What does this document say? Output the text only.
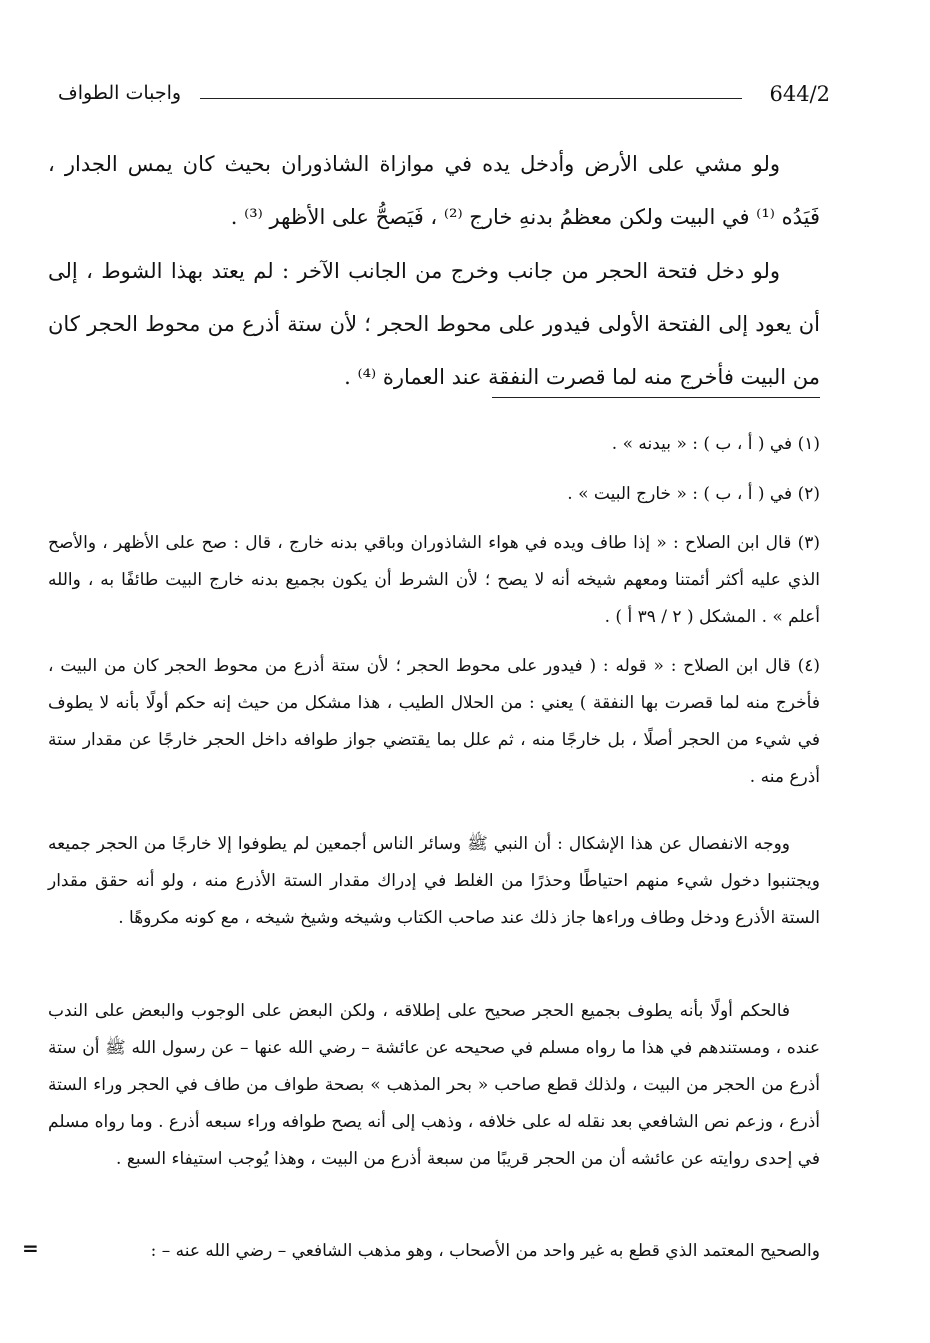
644/2
واجبات الطواف

ولو مشي على الأرض وأدخل يده في موازاة الشاذوران بحيث كان يمس الجدار ، فَيَدُه ⁽¹⁾ في البيت ولكن معظمُ بدنهِ خارج ⁽²⁾ ، فَيَصحُّ على الأظهر ⁽³⁾ .

ولو دخل فتحة الحجر من جانب وخرج من الجانب الآخر : لم يعتد بهذا الشوط ، إلى أن يعود إلى الفتحة الأولى فيدور على محوط الحجر ؛ لأن ستة أذرع من محوط الحجر كان من البيت فأخرج منه لما قصرت النفقة عند العمارة ⁽⁴⁾ .

(١) في ( أ ، ب ) : « بيدنه » .

(٢) في ( أ ، ب ) : « خارج البيت » .

(٣) قال ابن الصلاح : « إذا طاف ويده في هواء الشاذوران وباقي بدنه خارج ، قال : صح على الأظهر ، والأصح الذي عليه أكثر أئمتنا ومعهم شيخه أنه لا يصح ؛ لأن الشرط أن يكون بجميع بدنه خارج البيت طائفًا به ، والله أعلم » . المشكل ( ٢ / ٣٩ أ ) .

(٤) قال ابن الصلاح : « قوله : ( فيدور على محوط الحجر ؛ لأن ستة أذرع من محوط الحجر كان من البيت ، فأخرج منه لما قصرت بها النفقة ) يعني : من الحلال الطيب ، هذا مشكل من حيث إنه حكم أولًا بأنه لا يطوف في شيء من الحجر أصلًا ، بل خارجًا منه ، ثم علل بما يقتضي جواز طوافه داخل الحجر خارجًا عن مقدار ستة أذرع منه .

ووجه الانفصال عن هذا الإشكال : أن النبي ﷺ وسائر الناس أجمعين لم يطوفوا إلا خارجًا من الحجر جميعه ويجتنبوا دخول شيء منهم احتياطًا وحذرًا من الغلط في إدراك مقدار الستة الأذرع منه ، ولو أنه حقق مقدار الستة الأذرع ودخل وطاف وراءها جاز ذلك عند صاحب الكتاب وشيخه وشيخ شيخه ، مع كونه مكروهًا .

فالحكم أولًا بأنه يطوف بجميع الحجر صحيح على إطلاقه ، ولكن البعض على الوجوب والبعض على الندب عنده ، ومستندهم في هذا ما رواه مسلم في صحيحه عن عائشة – رضي الله عنها – عن رسول الله ﷺ أن ستة أذرع من الحجر من البيت ، ولذلك قطع صاحب « بحر المذهب » بصحة طواف من طاف في الحجر وراء الستة أذرع ، وزعم نص الشافعي بعد نقله له على خلافه ، وذهب إلى أنه يصح طوافه وراء سبعه أذرع . وما رواه مسلم في إحدى روايته عن عائشه أن من الحجر قريبًا من سبعة أذرع من البيت ، وهذا يُوجب استيفاء السبع .

والصحيح المعتمد الذي قطع به غير واحد من الأصحاب ، وهو مذهب الشافعي – رضي الله عنه – :

=
